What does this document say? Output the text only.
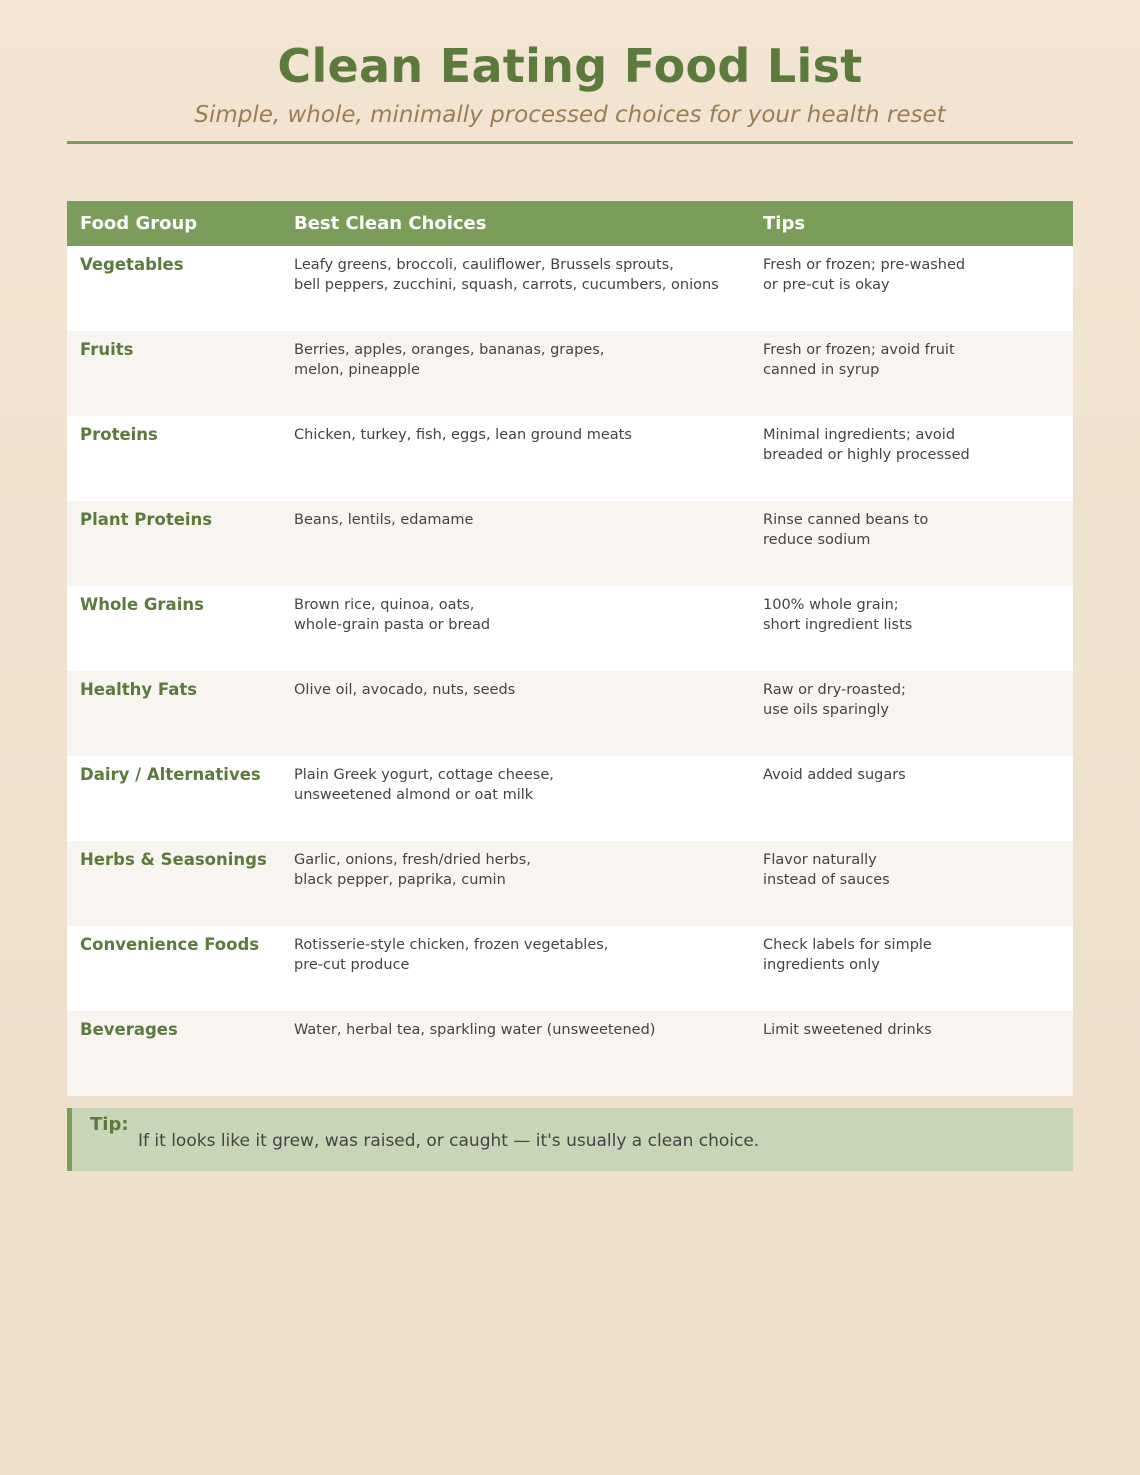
Clean Eating Food List
Simple, whole, minimally processed choices for your health reset
Food Group	Best Clean Choices	Tips
Vegetables	Leafy greens, broccoli, cauliflower, Brussels sprouts,
bell peppers, zucchini, squash, carrots, cucumbers, onions	Fresh or frozen; pre-washed
or pre-cut is okay
Fruits	Berries, apples, oranges, bananas, grapes,
melon, pineapple	Fresh or frozen; avoid fruit
canned in syrup
Proteins	Chicken, turkey, fish, eggs, lean ground meats	Minimal ingredients; avoid
breaded or highly processed
Plant Proteins	Beans, lentils, edamame	Rinse canned beans to
reduce sodium
Whole Grains	Brown rice, quinoa, oats,
whole-grain pasta or bread	100% whole grain;
short ingredient lists
Healthy Fats	Olive oil, avocado, nuts, seeds	Raw or dry-roasted;
use oils sparingly
Dairy / Alternatives	Plain Greek yogurt, cottage cheese,
unsweetened almond or oat milk	Avoid added sugars
Herbs & Seasonings	Garlic, onions, fresh/dried herbs,
black pepper, paprika, cumin	Flavor naturally
instead of sauces
Convenience Foods	Rotisserie-style chicken, frozen vegetables,
pre-cut produce	Check labels for simple
ingredients only
Beverages	Water, herbal tea, sparkling water (unsweetened)	Limit sweetened drinks
Tip:
If it looks like it grew, was raised, or caught — it's usually a clean choice.
